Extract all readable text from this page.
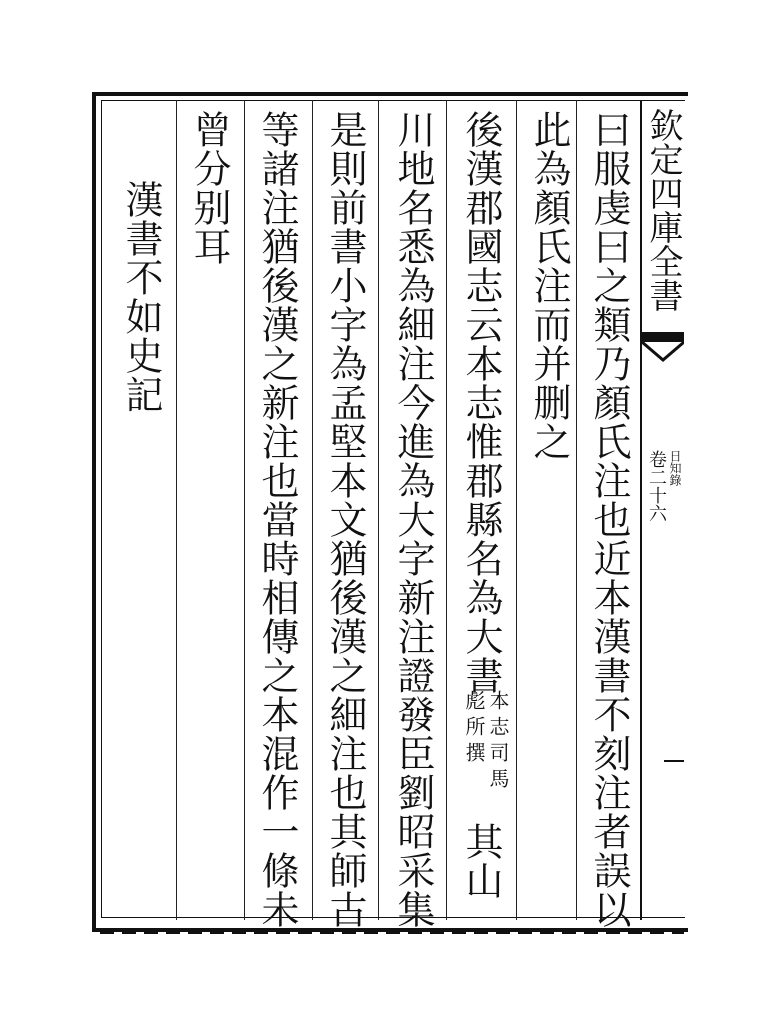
欽定四庫全書
卷二十六 日知錄
曰服虔曰之類乃顏氏注也近本漢書不刻注者誤以
此為顏氏注而并删之
後漢郡國志云本志惟郡縣名為大書
本志司馬
彪所撰
其山
川地名悉為細注今進為大字新注證發臣劉昭采集
是則前書小字為孟堅本文猶後漢之細注也其師古
等諸注猶後漢之新注也當時相傳之本混作一條未
曾分别耳
漢書不如史記
